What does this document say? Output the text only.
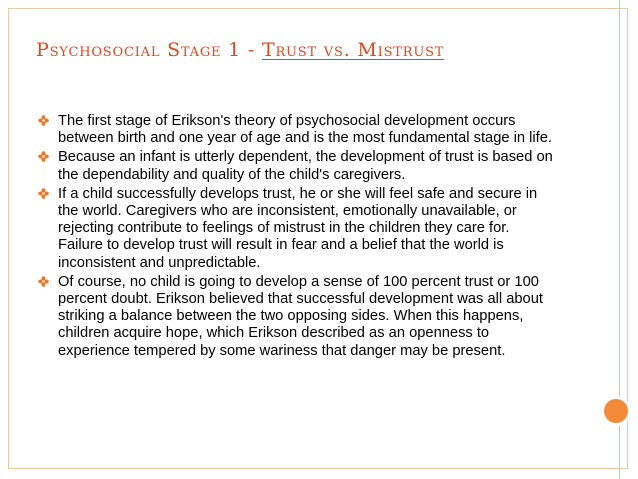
Psychosocial Stage 1 - Trust vs. Mistrust
The first stage of Erikson's theory of psychosocial development occurs between birth and one year of age and is the most fundamental stage in life.
Because an infant is utterly dependent, the development of trust is based on the dependability and quality of the child's caregivers.
If a child successfully develops trust, he or she will feel safe and secure in the world. Caregivers who are inconsistent, emotionally unavailable, or rejecting contribute to feelings of mistrust in the children they care for. Failure to develop trust will result in fear and a belief that the world is inconsistent and unpredictable.
Of course, no child is going to develop a sense of 100 percent trust or 100 percent doubt. Erikson believed that successful development was all about striking a balance between the two opposing sides. When this happens, children acquire hope, which Erikson described as an openness to experience tempered by some wariness that danger may be present.
